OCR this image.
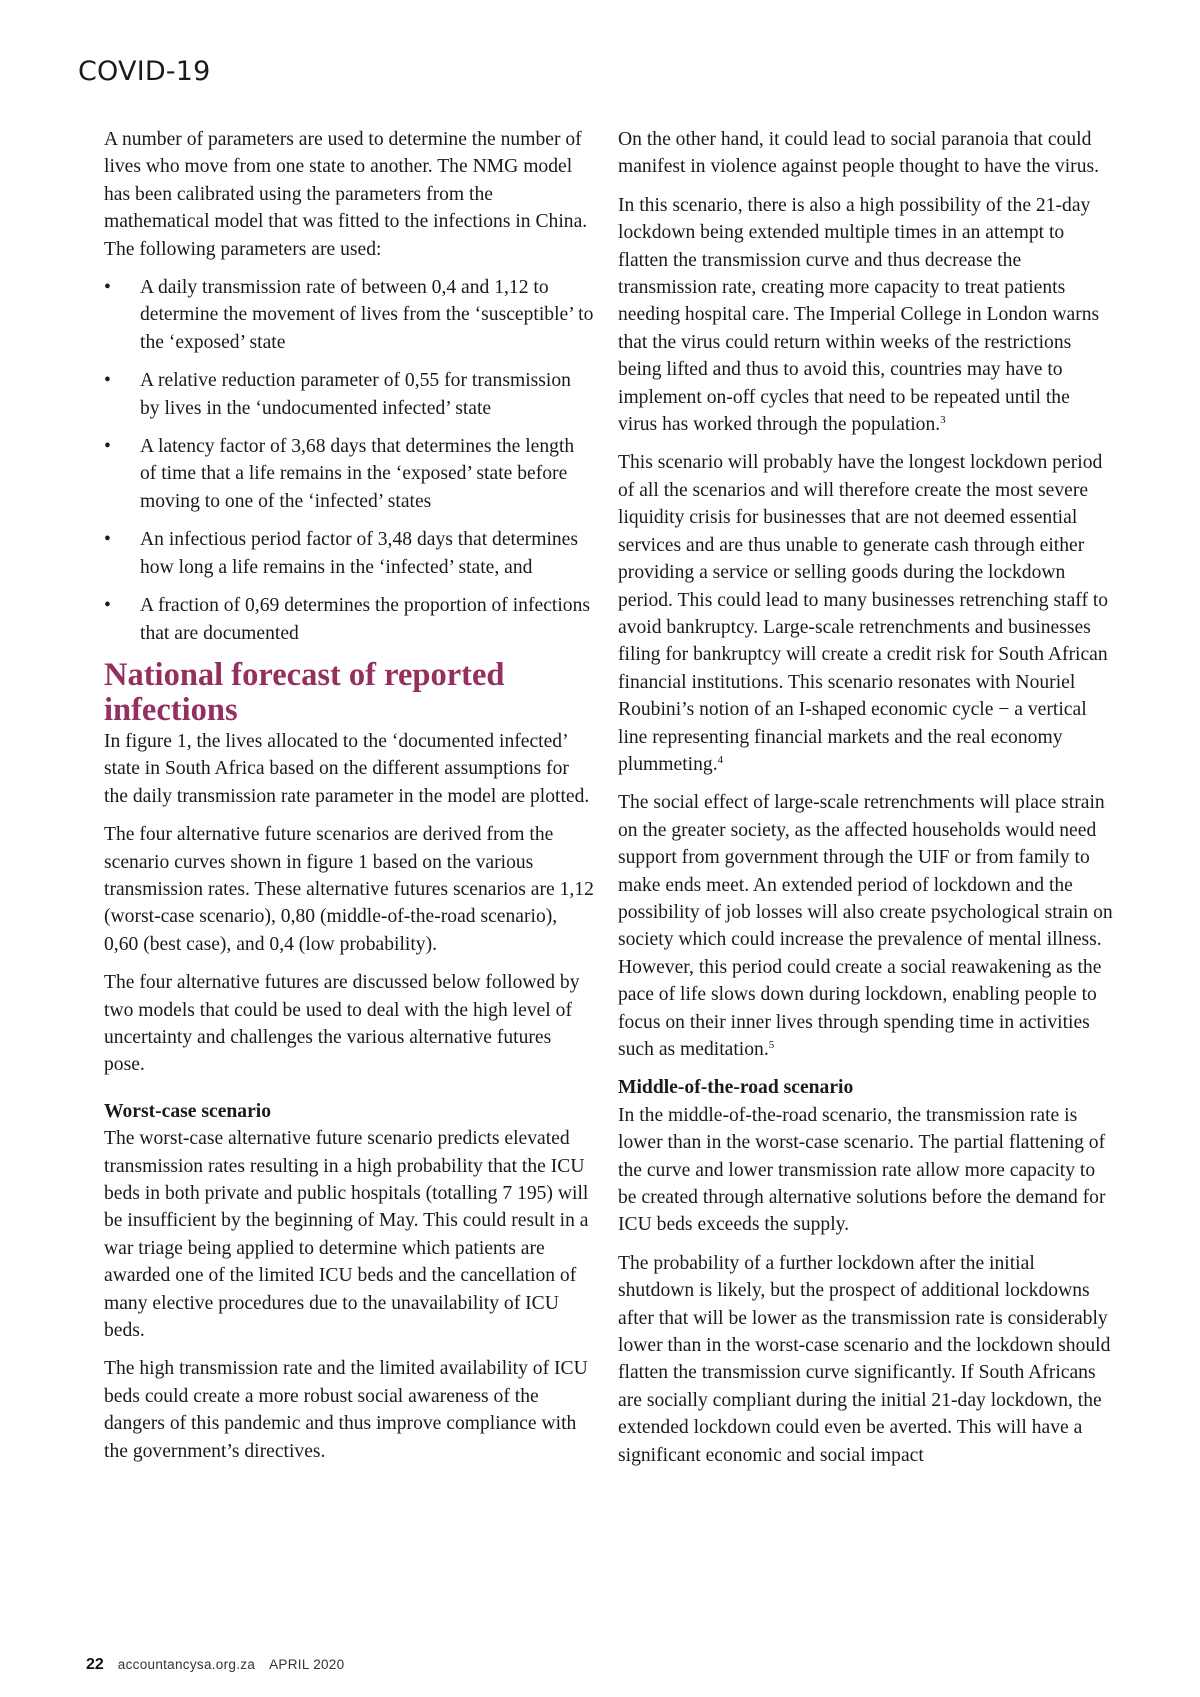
COVID-19

A number of parameters are used to determine the number of lives who move from one state to another. The NMG model has been calibrated using the parameters from the mathematical model that was fitted to the infections in China. The following parameters are used:

• A daily transmission rate of between 0,4 and 1,12 to determine the movement of lives from the ‘susceptible’ to the ‘exposed’ state
• A relative reduction parameter of 0,55 for transmission by lives in the ‘undocumented infected’ state
• A latency factor of 3,68 days that determines the length of time that a life remains in the ‘exposed’ state before moving to one of the ‘infected’ states
• An infectious period factor of 3,48 days that determines how long a life remains in the ‘infected’ state, and
• A fraction of 0,69 determines the proportion of infections that are documented
National forecast of reported infections

In figure 1, the lives allocated to the ‘documented infected’ state in South Africa based on the different assumptions for the daily transmission rate parameter in the model are plotted.

The four alternative future scenarios are derived from the scenario curves shown in figure 1 based on the various transmission rates. These alternative futures scenarios are 1,12 (worst-case scenario), 0,80 (middle-of-the-road scenario), 0,60 (best case), and 0,4 (low probability).

The four alternative futures are discussed below followed by two models that could be used to deal with the high level of uncertainty and challenges the various alternative futures pose.

Worst-case scenario

The worst-case alternative future scenario predicts elevated transmission rates resulting in a high probability that the ICU beds in both private and public hospitals (totalling 7 195) will be insufficient by the beginning of May. This could result in a war triage being applied to determine which patients are awarded one of the limited ICU beds and the cancellation of many elective procedures due to the unavailability of ICU beds.

The high transmission rate and the limited availability of ICU beds could create a more robust social awareness of the dangers of this pandemic and thus improve compliance with the government’s directives.

On the other hand, it could lead to social paranoia that could manifest in violence against people thought to have the virus.

In this scenario, there is also a high possibility of the 21-day lockdown being extended multiple times in an attempt to flatten the transmission curve and thus decrease the transmission rate, creating more capacity to treat patients needing hospital care. The Imperial College in London warns that the virus could return within weeks of the restrictions being lifted and thus to avoid this, countries may have to implement on-off cycles that need to be repeated until the virus has worked through the population.$^3$

This scenario will probably have the longest lockdown period of all the scenarios and will therefore create the most severe liquidity crisis for businesses that are not deemed essential services and are thus unable to generate cash through either providing a service or selling goods during the lockdown period. This could lead to many businesses retrenching staff to avoid bankruptcy. Large-scale retrenchments and businesses filing for bankruptcy will create a credit risk for South African financial institutions. This scenario resonates with Nouriel Roubini’s notion of an I-shaped economic cycle − a vertical line representing financial markets and the real economy plummeting.$^4$

The social effect of large-scale retrenchments will place strain on the greater society, as the affected households would need support from government through the UIF or from family to make ends meet. An extended period of lockdown and the possibility of job losses will also create psychological strain on society which could increase the prevalence of mental illness. However, this period could create a social reawakening as the pace of life slows down during lockdown, enabling people to focus on their inner lives through spending time in activities such as meditation.$^5$

Middle-of-the-road scenario

In the middle-of-the-road scenario, the transmission rate is lower than in the worst-case scenario. The partial flattening of the curve and lower transmission rate allow more capacity to be created through alternative solutions before the demand for ICU beds exceeds the supply.

The probability of a further lockdown after the initial shutdown is likely, but the prospect of additional lockdowns after that will be lower as the transmission rate is considerably lower than in the worst-case scenario and the lockdown should flatten the transmission curve significantly. If South Africans are socially compliant during the initial 21-day lockdown, the extended lockdown could even be averted. This will have a significant economic and social impact

22 accountancysa.org.za APRIL 2020
